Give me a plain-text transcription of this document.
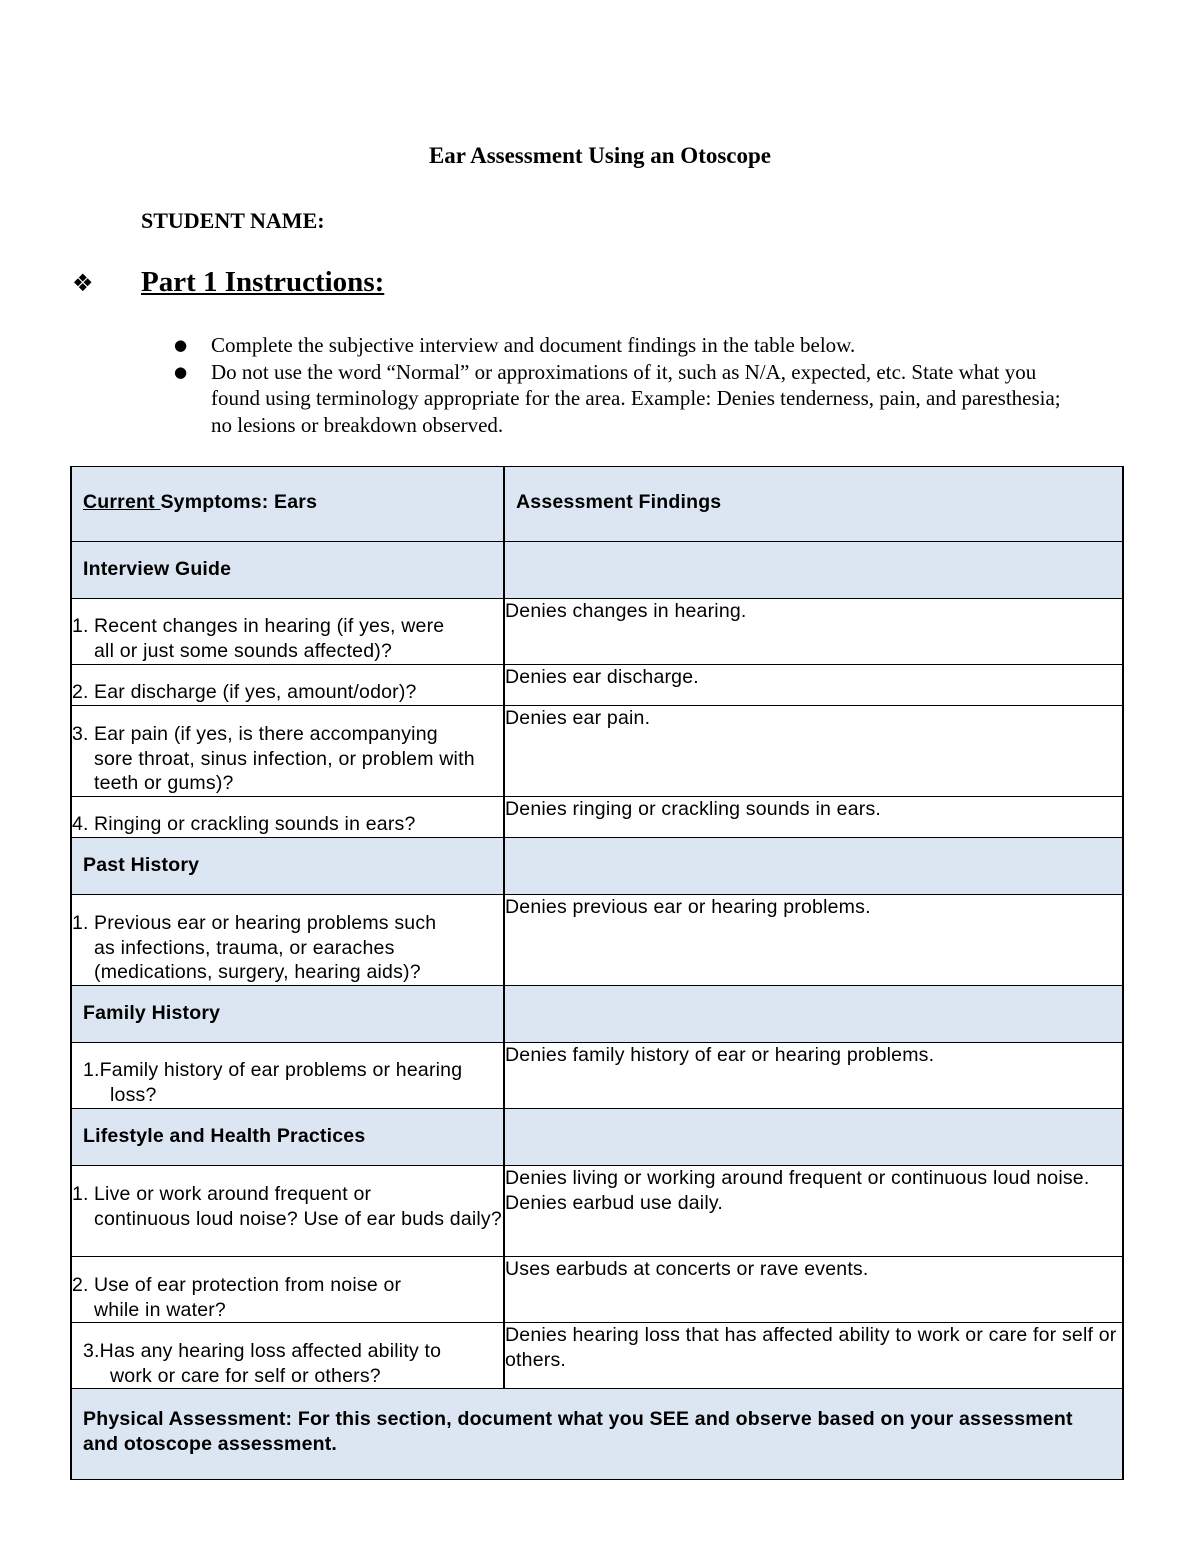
Ear Assessment Using an Otoscope
STUDENT NAME:
❖ Part 1 Instructions:
● Complete the subjective interview and document findings in the table below.
● Do not use the word “Normal” or approximations of it, such as N/A, expected, etc. State what you found using terminology appropriate for the area. Example: Denies tenderness, pain, and paresthesia; no lesions or breakdown observed.
Current Symptoms: Ears	Assessment Findings
Interview Guide	
1. Recent changes in hearing (if yes, were
all or just some sounds affected)?	Denies changes in hearing.
2. Ear discharge (if yes, amount/odor)?	Denies ear discharge.
3. Ear pain (if yes, is there accompanying
sore throat, sinus infection, or problem with teeth or gums)?	Denies ear pain.
4. Ringing or crackling sounds in ears?	Denies ringing or crackling sounds in ears.
Past History	
1. Previous ear or hearing problems such
as infections, trauma, or earaches (medications, surgery, hearing aids)?	Denies previous ear or hearing problems.
Family History	
1.Family history of ear problems or hearing
loss?	Denies family history of ear or hearing problems.
Lifestyle and Health Practices	
1. Live or work around frequent or
continuous loud noise? Use of ear buds daily?	Denies living or working around frequent or continuous loud noise. Denies earbud use daily.
2. Use of ear protection from noise or
while in water?	Uses earbuds at concerts or rave events.
3.Has any hearing loss affected ability to
work or care for self or others?	Denies hearing loss that has affected ability to work or care for self or others.
Physical Assessment: For this section, document what you SEE and observe based on your assessment and otoscope assessment.	
